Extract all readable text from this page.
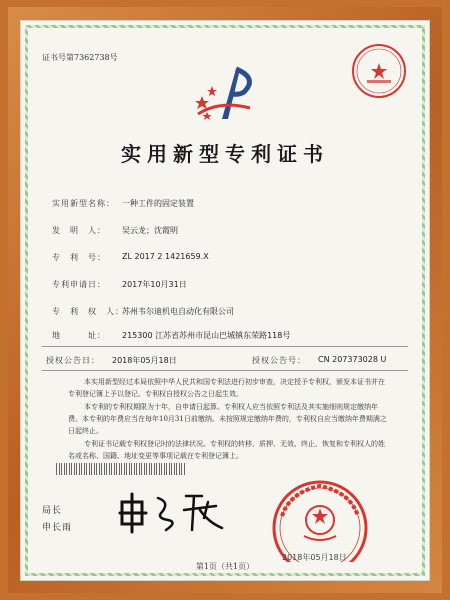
证书号第7362738号
实用新型专利证书
实用新型名称： 一种工件的固定装置
发　明　人： 吴云龙；沈霞明
专　利　号： ZL 2017 2 1421659.X
专利申请日： 2017年10月31日
专　利　权　人：
苏州韦尔迪机电自动化有限公司
地　　　址： 215300 江苏省苏州市昆山巴城镇东荣路118号
授权公告日： 2018年05月18日	授权公告号： CN 207373028 U
本实用新型经过本局依照中华人民共和国专利法进行初步审查，决定授予专利权，颁发本证书并在专利登记簿上予以登记。专利权自授权公告之日起生效。
本专利的专利权期限为十年，自申请日起算。专利权人应当依照专利法及其实施细则规定缴纳年费。本专利的年费应当在每年10月31日前缴纳。未按照规定缴纳年费的，专利权自应当缴纳年费期满之日起终止。
专利证书记载专利权登记时的法律状况。专利权的转移、质押、无效、终止、恢复和专利权人的姓名或名称、国籍、地址变更等事项记载在专利登记簿上。
局长
申长雨
2018年05月18日
第1页（共1页）
